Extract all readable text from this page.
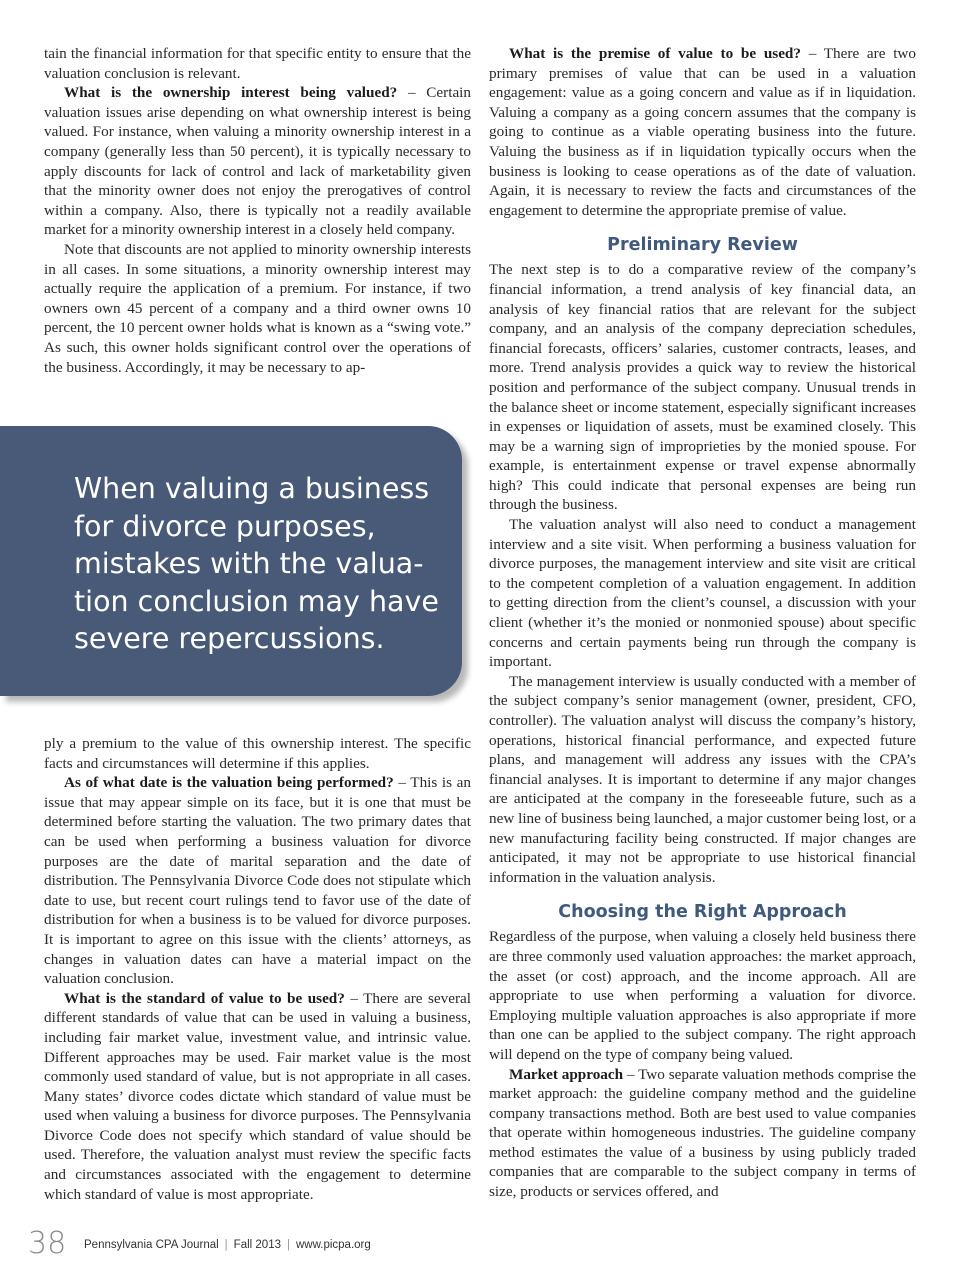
tain the financial information for that specific entity to ensure that the valuation conclusion is relevant.

What is the ownership interest being valued? – Certain valuation issues arise depending on what ownership interest is being valued. For instance, when valuing a minority ownership interest in a company (generally less than 50 percent), it is typically necessary to apply discounts for lack of control and lack of marketability given that the minority owner does not enjoy the prerogatives of control within a company. Also, there is typically not a readily available market for a minority ownership interest in a closely held company.

Note that discounts are not applied to minority ownership interests in all cases. In some situations, a minority ownership interest may actually require the application of a premium. For instance, if two owners own 45 percent of a company and a third owner owns 10 percent, the 10 percent owner holds what is known as a “swing vote.” As such, this owner holds significant control over the operations of the business. Accordingly, it may be necessary to ap-

When valuing a business
for divorce purposes,
mistakes with the valua-
tion conclusion may have
severe repercussions.

ply a premium to the value of this ownership interest. The specific facts and circumstances will determine if this applies.

As of what date is the valuation being performed? – This is an issue that may appear simple on its face, but it is one that must be determined before starting the valuation. The two primary dates that can be used when performing a business valuation for divorce purposes are the date of marital separation and the date of distribution. The Pennsylvania Divorce Code does not stipulate which date to use, but recent court rulings tend to favor use of the date of distribution for when a business is to be valued for divorce purposes. It is important to agree on this issue with the clients’ attorneys, as changes in valuation dates can have a material impact on the valuation conclusion.

What is the standard of value to be used? – There are several different standards of value that can be used in valuing a business, including fair market value, investment value, and intrinsic value. Different approaches may be used. Fair market value is the most commonly used standard of value, but is not appropriate in all cases. Many states’ divorce codes dictate which standard of value must be used when valuing a business for divorce purposes. The Pennsylvania Divorce Code does not specify which standard of value should be used. Therefore, the valuation analyst must review the specific facts and circumstances associated with the engagement to determine which standard of value is most appropriate.

What is the premise of value to be used? – There are two primary premises of value that can be used in a valuation engagement: value as a going concern and value as if in liquidation. Valuing a company as a going concern assumes that the company is going to continue as a viable operating business into the future. Valuing the business as if in liquidation typically occurs when the business is looking to cease operations as of the date of valuation. Again, it is necessary to review the facts and circumstances of the engagement to determine the appropriate premise of value.

Preliminary Review

The next step is to do a comparative review of the company’s financial information, a trend analysis of key financial data, an analysis of key financial ratios that are relevant for the subject company, and an analysis of the company depreciation schedules, financial forecasts, officers’ salaries, customer contracts, leases, and more. Trend analysis provides a quick way to review the historical position and performance of the subject company. Unusual trends in the balance sheet or income statement, especially significant increases in expenses or liquidation of assets, must be examined closely. This may be a warning sign of improprieties by the monied spouse. For example, is entertainment expense or travel expense abnormally high? This could indicate that personal expenses are being run through the business.

The valuation analyst will also need to conduct a management interview and a site visit. When performing a business valuation for divorce purposes, the management interview and site visit are critical to the competent completion of a valuation engagement. In addition to getting direction from the client’s counsel, a discussion with your client (whether it’s the monied or nonmonied spouse) about specific concerns and certain payments being run through the company is important.

The management interview is usually conducted with a member of the subject company’s senior management (owner, president, CFO, controller). The valuation analyst will discuss the company’s history, operations, historical financial performance, and expected future plans, and management will address any issues with the CPA’s financial analyses. It is important to determine if any major changes are anticipated at the company in the foreseeable future, such as a new line of business being launched, a major customer being lost, or a new manufacturing facility being constructed. If major changes are anticipated, it may not be appropriate to use historical financial information in the valuation analysis.

Choosing the Right Approach

Regardless of the purpose, when valuing a closely held business there are three commonly used valuation approaches: the market approach, the asset (or cost) approach, and the income approach. All are appropriate to use when performing a valuation for divorce. Employing multiple valuation approaches is also appropriate if more than one can be applied to the subject company. The right approach will depend on the type of company being valued.

Market approach – Two separate valuation methods comprise the market approach: the guideline company method and the guideline company transactions method. Both are best used to value companies that operate within homogeneous industries. The guideline company method estimates the value of a business by using publicly traded companies that are comparable to the subject company in terms of size, products or services offered, and

38 Pennsylvania CPA Journal | Fall 2013 | www.picpa.org
